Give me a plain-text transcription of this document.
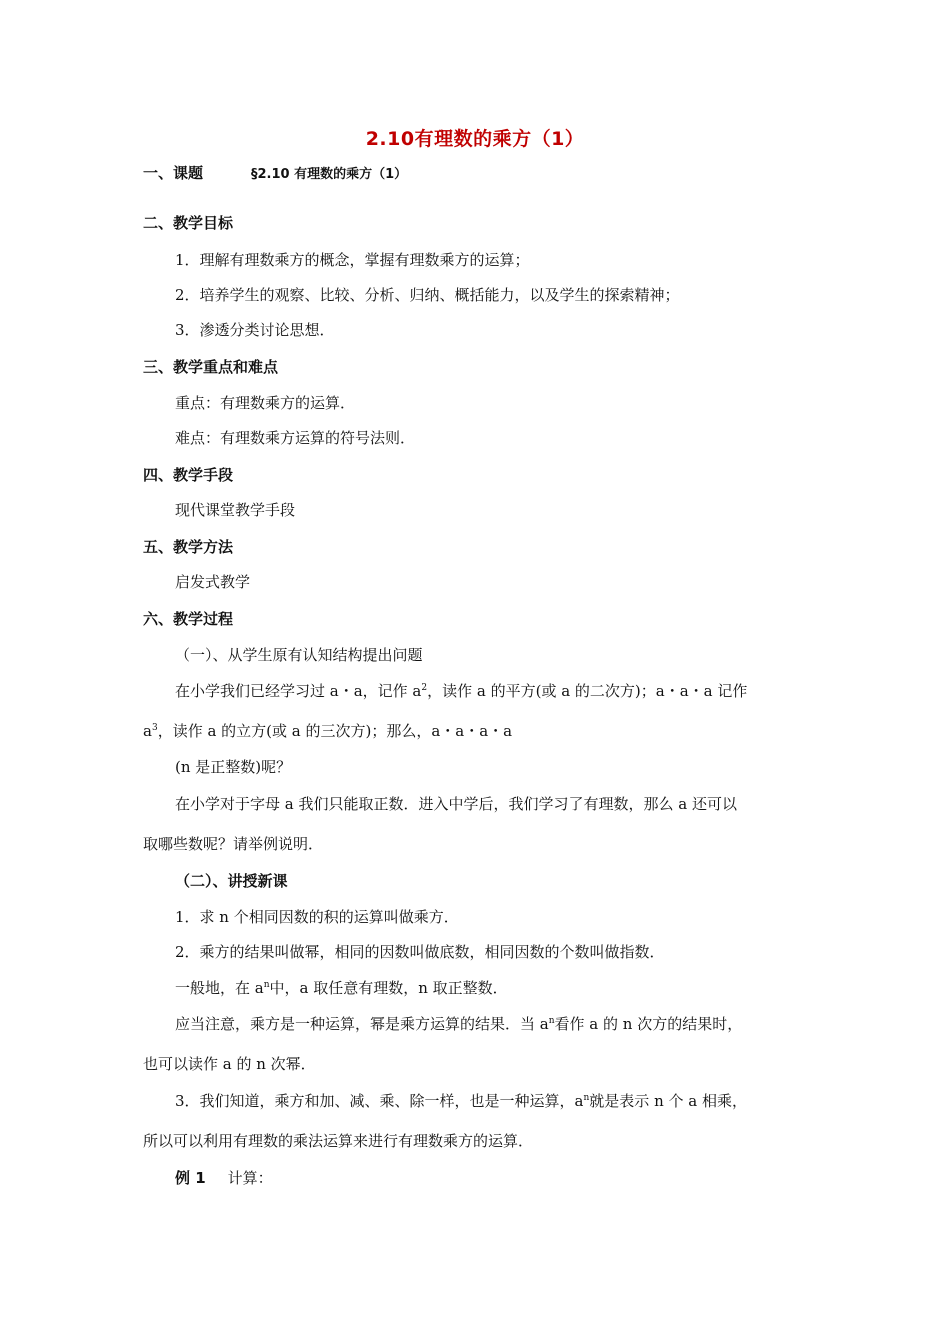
2.10有理数的乘方（1）
一、课题	§2.10 有理数的乘方（1）
二、教学目标
1．理解有理数乘方的概念，掌握有理数乘方的运算；
2．培养学生的观察、比较、分析、归纳、概括能力，以及学生的探索精神；
3．渗透分类讨论思想．
三、教学重点和难点
重点：有理数乘方的运算．
难点：有理数乘方运算的符号法则．
四、教学手段
现代课堂教学手段
五、教学方法
启发式教学
六、教学过程
（一）、从学生原有认知结构提出问题
在小学我们已经学习过 a・a，记作 $a^2$，读作 a 的平方(或 a 的二次方)；a・a・a 记作
$a^3$，读作 a 的立方(或 a 的三次方)；那么，a・a・a・a
(n 是正整数)呢？
在小学对于字母 a 我们只能取正数．进入中学后，我们学习了有理数，那么 a 还可以
取哪些数呢？请举例说明．
（二）、讲授新课
1．求 n 个相同因数的积的运算叫做乘方．
2．乘方的结果叫做幂，相同的因数叫做底数，相同因数的个数叫做指数．
一般地，在 $a^n$中，a 取任意有理数，n 取正整数．
应当注意，乘方是一种运算，幂是乘方运算的结果．当 $a^n$看作 a 的 n 次方的结果时，
也可以读作 a 的 n 次幂．
3．我们知道，乘方和加、减、乘、除一样，也是一种运算，$a^n$就是表示 n 个 a 相乘，
所以可以利用有理数的乘法运算来进行有理数乘方的运算．
例 1 计算：
